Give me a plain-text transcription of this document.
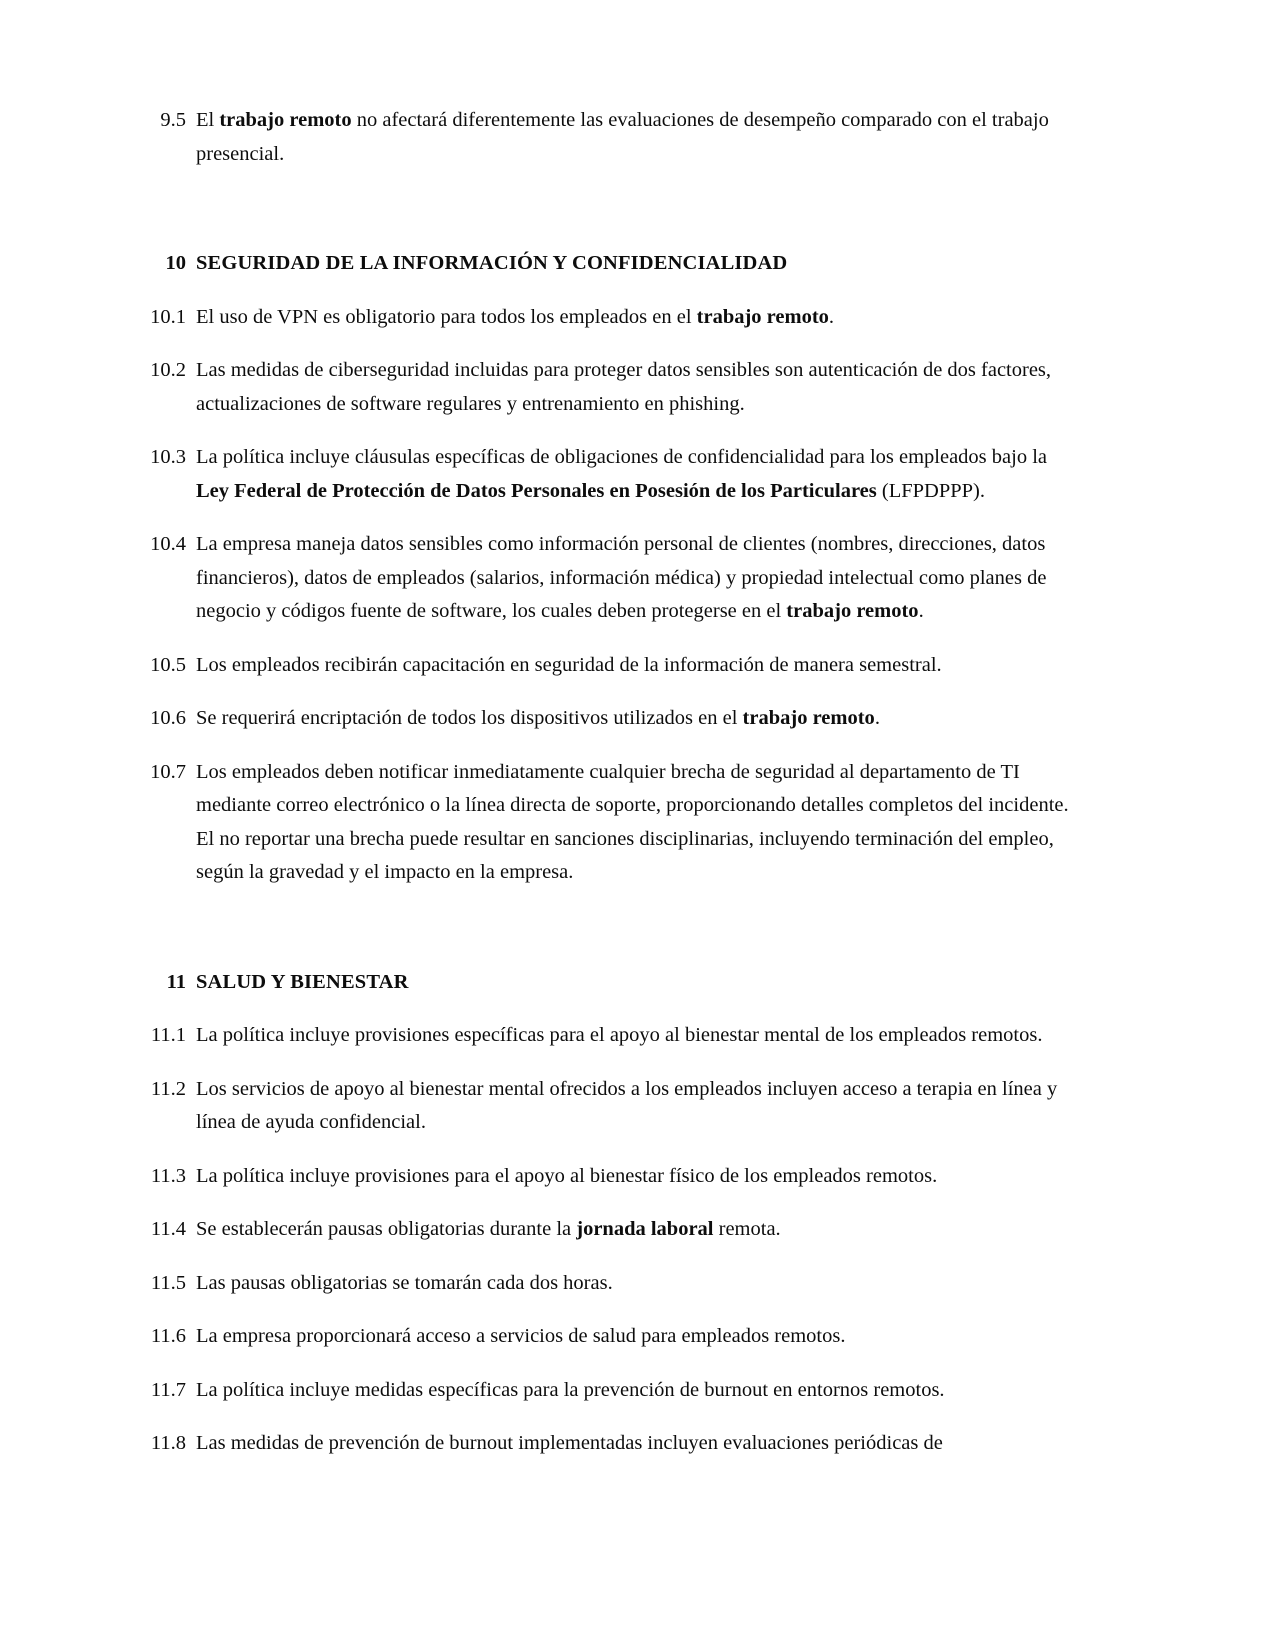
9.5 El trabajo remoto no afectará diferentemente las evaluaciones de desempeño comparado con el trabajo presencial.
10 SEGURIDAD DE LA INFORMACIÓN Y CONFIDENCIALIDAD
10.1 El uso de VPN es obligatorio para todos los empleados en el trabajo remoto.
10.2 Las medidas de ciberseguridad incluidas para proteger datos sensibles son autenticación de dos factores, actualizaciones de software regulares y entrenamiento en phishing.
10.3 La política incluye cláusulas específicas de obligaciones de confidencialidad para los empleados bajo la Ley Federal de Protección de Datos Personales en Posesión de los Particulares (LFPDPPP).
10.4 La empresa maneja datos sensibles como información personal de clientes (nombres, direcciones, datos financieros), datos de empleados (salarios, información médica) y propiedad intelectual como planes de negocio y códigos fuente de software, los cuales deben protegerse en el trabajo remoto.
10.5 Los empleados recibirán capacitación en seguridad de la información de manera semestral.
10.6 Se requerirá encriptación de todos los dispositivos utilizados en el trabajo remoto.
10.7 Los empleados deben notificar inmediatamente cualquier brecha de seguridad al departamento de TI mediante correo electrónico o la línea directa de soporte, proporcionando detalles completos del incidente. El no reportar una brecha puede resultar en sanciones disciplinarias, incluyendo terminación del empleo, según la gravedad y el impacto en la empresa.
11 SALUD Y BIENESTAR
11.1 La política incluye provisiones específicas para el apoyo al bienestar mental de los empleados remotos.
11.2 Los servicios de apoyo al bienestar mental ofrecidos a los empleados incluyen acceso a terapia en línea y línea de ayuda confidencial.
11.3 La política incluye provisiones para el apoyo al bienestar físico de los empleados remotos.
11.4 Se establecerán pausas obligatorias durante la jornada laboral remota.
11.5 Las pausas obligatorias se tomarán cada dos horas.
11.6 La empresa proporcionará acceso a servicios de salud para empleados remotos.
11.7 La política incluye medidas específicas para la prevención de burnout en entornos remotos.
11.8 Las medidas de prevención de burnout implementadas incluyen evaluaciones periódicas de
